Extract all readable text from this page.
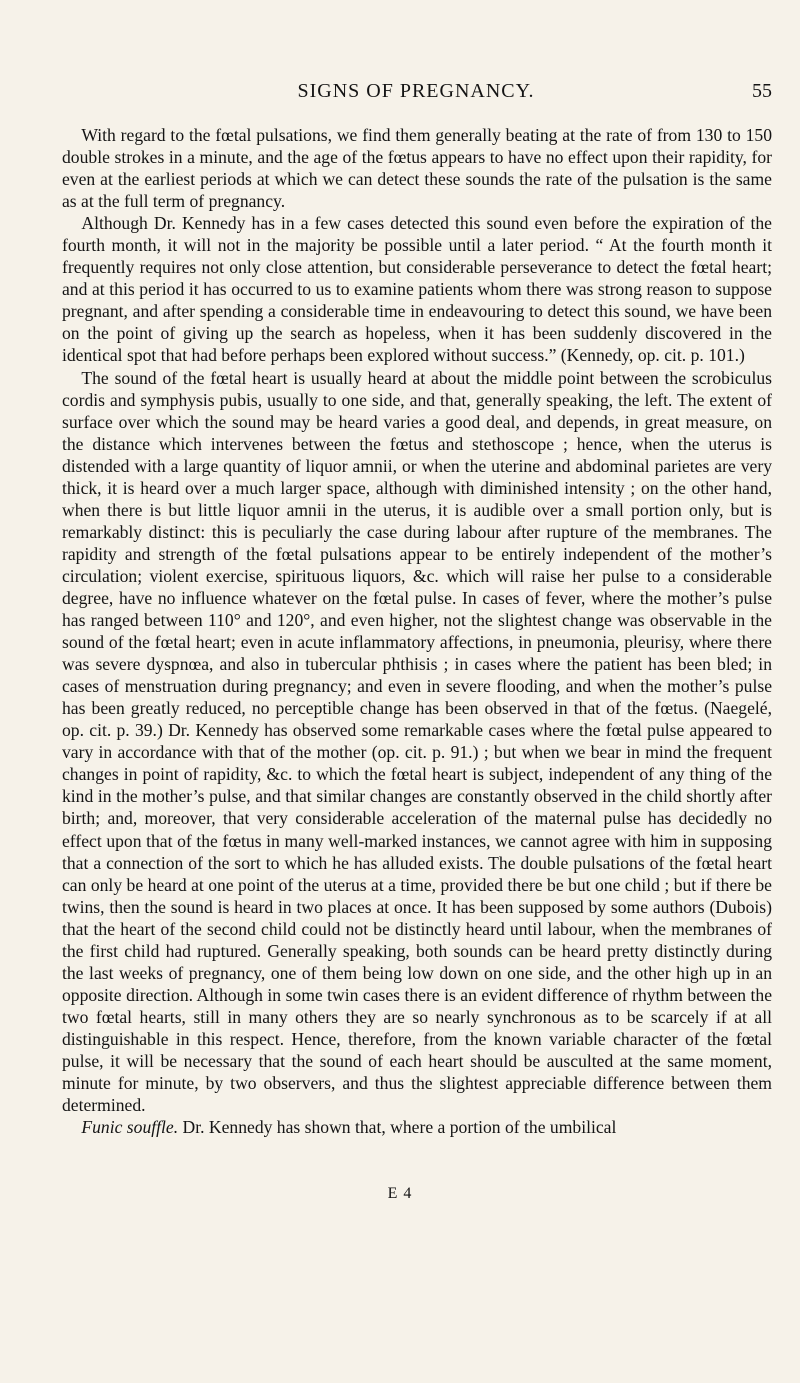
SIGNS OF PREGNANCY.	55

With regard to the fœtal pulsations, we find them generally beating at the rate of from 130 to 150 double strokes in a minute, and the age of the fœtus appears to have no effect upon their rapidity, for even at the earliest periods at which we can detect these sounds the rate of the pulsation is the same as at the full term of pregnancy.

Although Dr. Kennedy has in a few cases detected this sound even before the expiration of the fourth month, it will not in the majority be possible until a later period. “ At the fourth month it frequently requires not only close attention, but considerable perseverance to detect the fœtal heart; and at this period it has occurred to us to examine patients whom there was strong reason to suppose pregnant, and after spending a considerable time in endeavouring to detect this sound, we have been on the point of giving up the search as hopeless, when it has been suddenly discovered in the identical spot that had before perhaps been explored without success.” (Kennedy, op. cit. p. 101.)

The sound of the fœtal heart is usually heard at about the middle point between the scrobiculus cordis and symphysis pubis, usually to one side, and that, generally speaking, the left. The extent of surface over which the sound may be heard varies a good deal, and depends, in great measure, on the distance which intervenes between the fœtus and stethoscope ; hence, when the uterus is distended with a large quantity of liquor amnii, or when the uterine and abdominal parietes are very thick, it is heard over a much larger space, although with diminished intensity ; on the other hand, when there is but little liquor amnii in the uterus, it is audible over a small portion only, but is remarkably distinct: this is peculiarly the case during labour after rupture of the membranes. The rapidity and strength of the fœtal pulsations appear to be entirely independent of the mother’s circulation; violent exercise, spirituous liquors, &c. which will raise her pulse to a considerable degree, have no influence whatever on the fœtal pulse. In cases of fever, where the mother’s pulse has ranged between 110° and 120°, and even higher, not the slightest change was observable in the sound of the fœtal heart; even in acute inflammatory affections, in pneumonia, pleurisy, where there was severe dyspnœa, and also in tubercular phthisis ; in cases where the patient has been bled; in cases of menstruation during pregnancy; and even in severe flooding, and when the mother’s pulse has been greatly reduced, no perceptible change has been observed in that of the fœtus. (Naegelé, op. cit. p. 39.) Dr. Kennedy has observed some remarkable cases where the fœtal pulse appeared to vary in accordance with that of the mother (op. cit. p. 91.) ; but when we bear in mind the frequent changes in point of rapidity, &c. to which the fœtal heart is subject, independent of any thing of the kind in the mother’s pulse, and that similar changes are constantly observed in the child shortly after birth; and, moreover, that very considerable acceleration of the maternal pulse has decidedly no effect upon that of the fœtus in many well-marked instances, we cannot agree with him in supposing that a connection of the sort to which he has alluded exists. The double pulsations of the fœtal heart can only be heard at one point of the uterus at a time, provided there be but one child ; but if there be twins, then the sound is heard in two places at once. It has been supposed by some authors (Dubois) that the heart of the second child could not be distinctly heard until labour, when the membranes of the first child had ruptured. Generally speaking, both sounds can be heard pretty distinctly during the last weeks of pregnancy, one of them being low down on one side, and the other high up in an opposite direction. Although in some twin cases there is an evident difference of rhythm between the two fœtal hearts, still in many others they are so nearly synchronous as to be scarcely if at all distinguishable in this respect. Hence, therefore, from the known variable character of the fœtal pulse, it will be necessary that the sound of each heart should be ausculted at the same moment, minute for minute, by two observers, and thus the slightest appreciable difference between them determined.

Funic souffle. Dr. Kennedy has shown that, where a portion of the umbilical

E 4
